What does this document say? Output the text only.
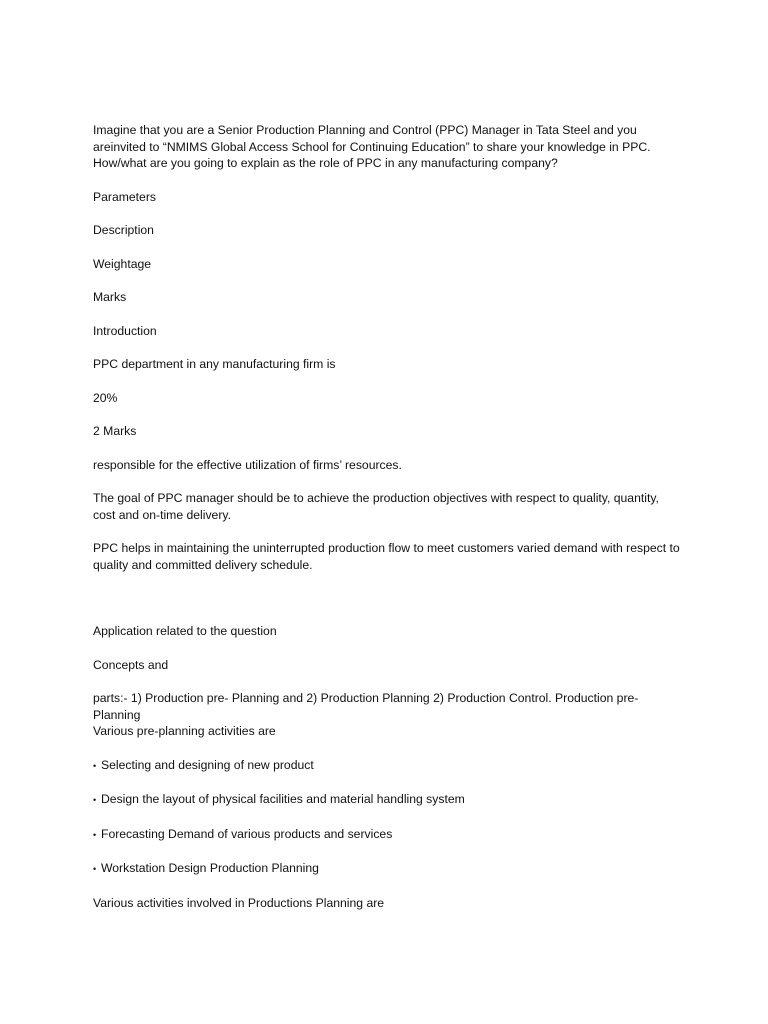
Imagine that you are a Senior Production Planning and Control (PPC) Manager in Tata Steel and you areinvited to “NMIMS Global Access School for Continuing Education” to share your knowledge in PPC. How/what are you going to explain as the role of PPC in any manufacturing company?

Parameters

Description

Weightage

Marks

Introduction

PPC department in any manufacturing firm is

20%

2 Marks

responsible for the effective utilization of firms’ resources.

The goal of PPC manager should be to achieve the production objectives with respect to quality, quantity, cost and on-time delivery.

PPC helps in maintaining the uninterrupted production flow to meet customers varied demand with respect to quality and committed delivery schedule.

Application related to the question

Concepts and

parts:- 1) Production pre- Planning and 2) Production Planning 2) Production Control. Production pre- Planning

Various pre-planning activities are

• Selecting and designing of new product
• Design the layout of physical facilities and material handling system
• Forecasting Demand of various products and services
• Workstation Design Production Planning

Various activities involved in Productions Planning are
